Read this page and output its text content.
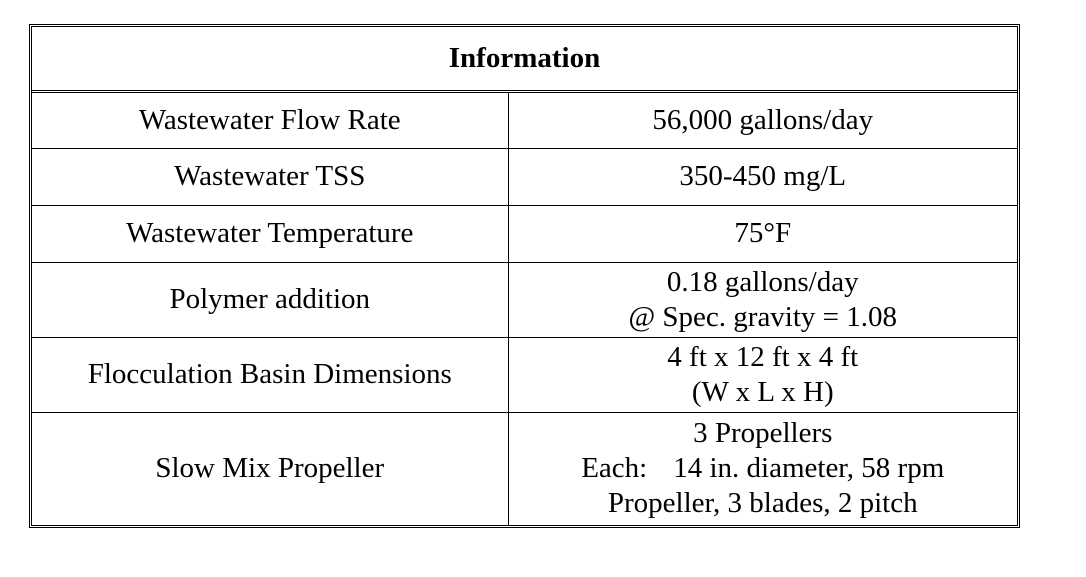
Information	
Wastewater Flow Rate	56,000 gallons/day

Wastewater TSS	350-450 mg/L

Wastewater Temperature	75°F

Polymer addition	0.18 gallons/day
@ Spec. gravity = 1.08

Flocculation Basin Dimensions	4 ft x 12 ft x 4 ft
(W x L x H)

Slow Mix Propeller	3 Propellers
Each: 14 in. diameter, 58 rpm
Propeller, 3 blades, 2 pitch
